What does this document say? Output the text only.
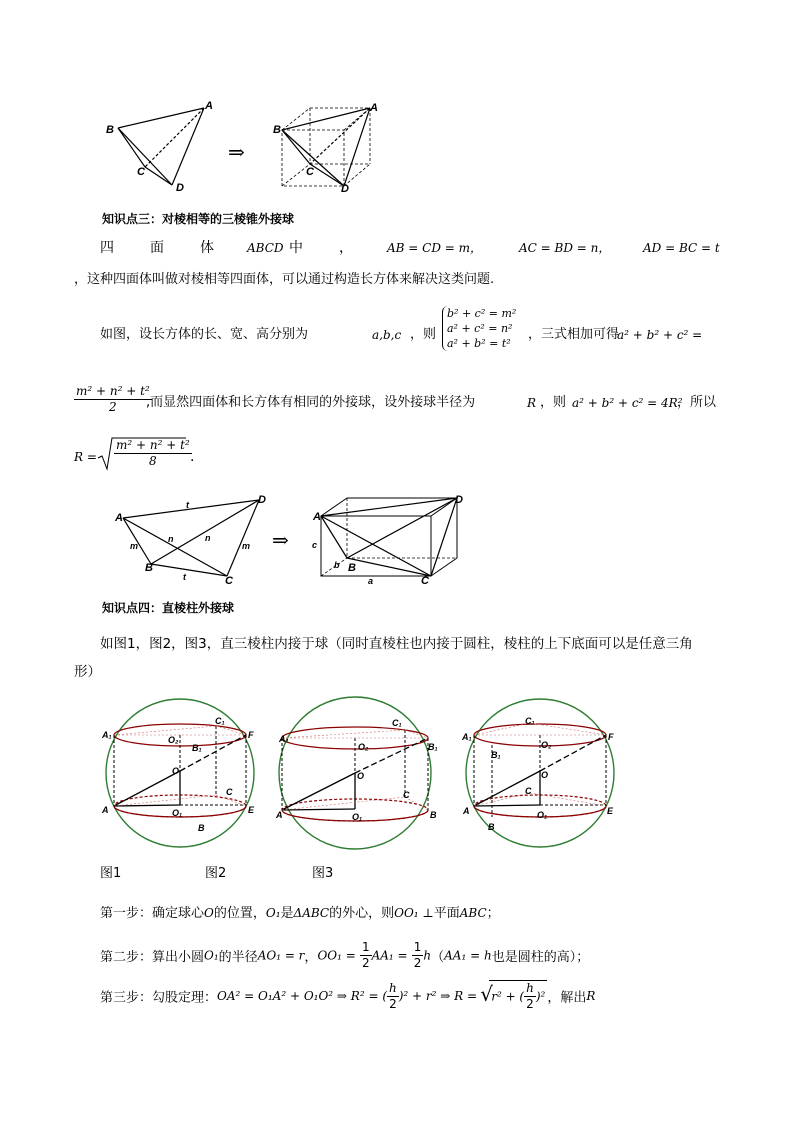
A
B
C
D
⇒
A
B
C
D
知识点三：对棱相等的三棱锥外接球
四	面	体	ABCD 中	，	AB = CD = m，	AC = BD = n，	AD = BC = t
，这种四面体叫做对棱相等四面体，可以通过构造长方体来解决这类问题.
如图，设长方体的长、宽、高分别为	a,b,c ，则
b² + c² = m²
a² + c² = n²
a² + b² = t²
，三式相加可得
a² + b² + c² =
$\frac{\text{m² + n² + t²}}{2}$
,而显然四面体和长方体有相同的外接球，设外接球半径为	R ，则 a² + b² + c² = 4R²
，所以
$R = \frac{\text{m² + n² + t²}}{8}$
.
A
B
C
D
t
t
n	n
m	m ⇒
A
B
C
D
c
b
a
知识点四：直棱柱外接球
如图1，图2，图3，直三棱柱内接于球（同时直棱柱也内接于圆柱，棱柱的上下底面可以是任意三角
形）
A₁
C₁
F
O₂
B₁
O
C
A	O₁	E
B
A₁
C₁
B₁
O₂
O
C
A	O₁	B
A₁
C₁
F
B₁
O₂
O
C
A	O₁	E
B
图1	图2	图3
第一步：确定球心O的位置，O₁是ΔABC的外心，则OO₁ ⊥平面ABC；
第二步：算出小圆O₁的半径AO₁ = r，$OO_1 = \frac{1}{2} AA_1 = \frac{1}{2} h(AA_1 = h$也是圆柱的高）；
第三步：勾股定理：OA² = O₁A² + O₁O² ⇒ R² = ( $\frac{h}{2} )^2 + r^2$ ⇒ R = √
r² + ( $\frac{h}{2} )^2$ ，解出R
